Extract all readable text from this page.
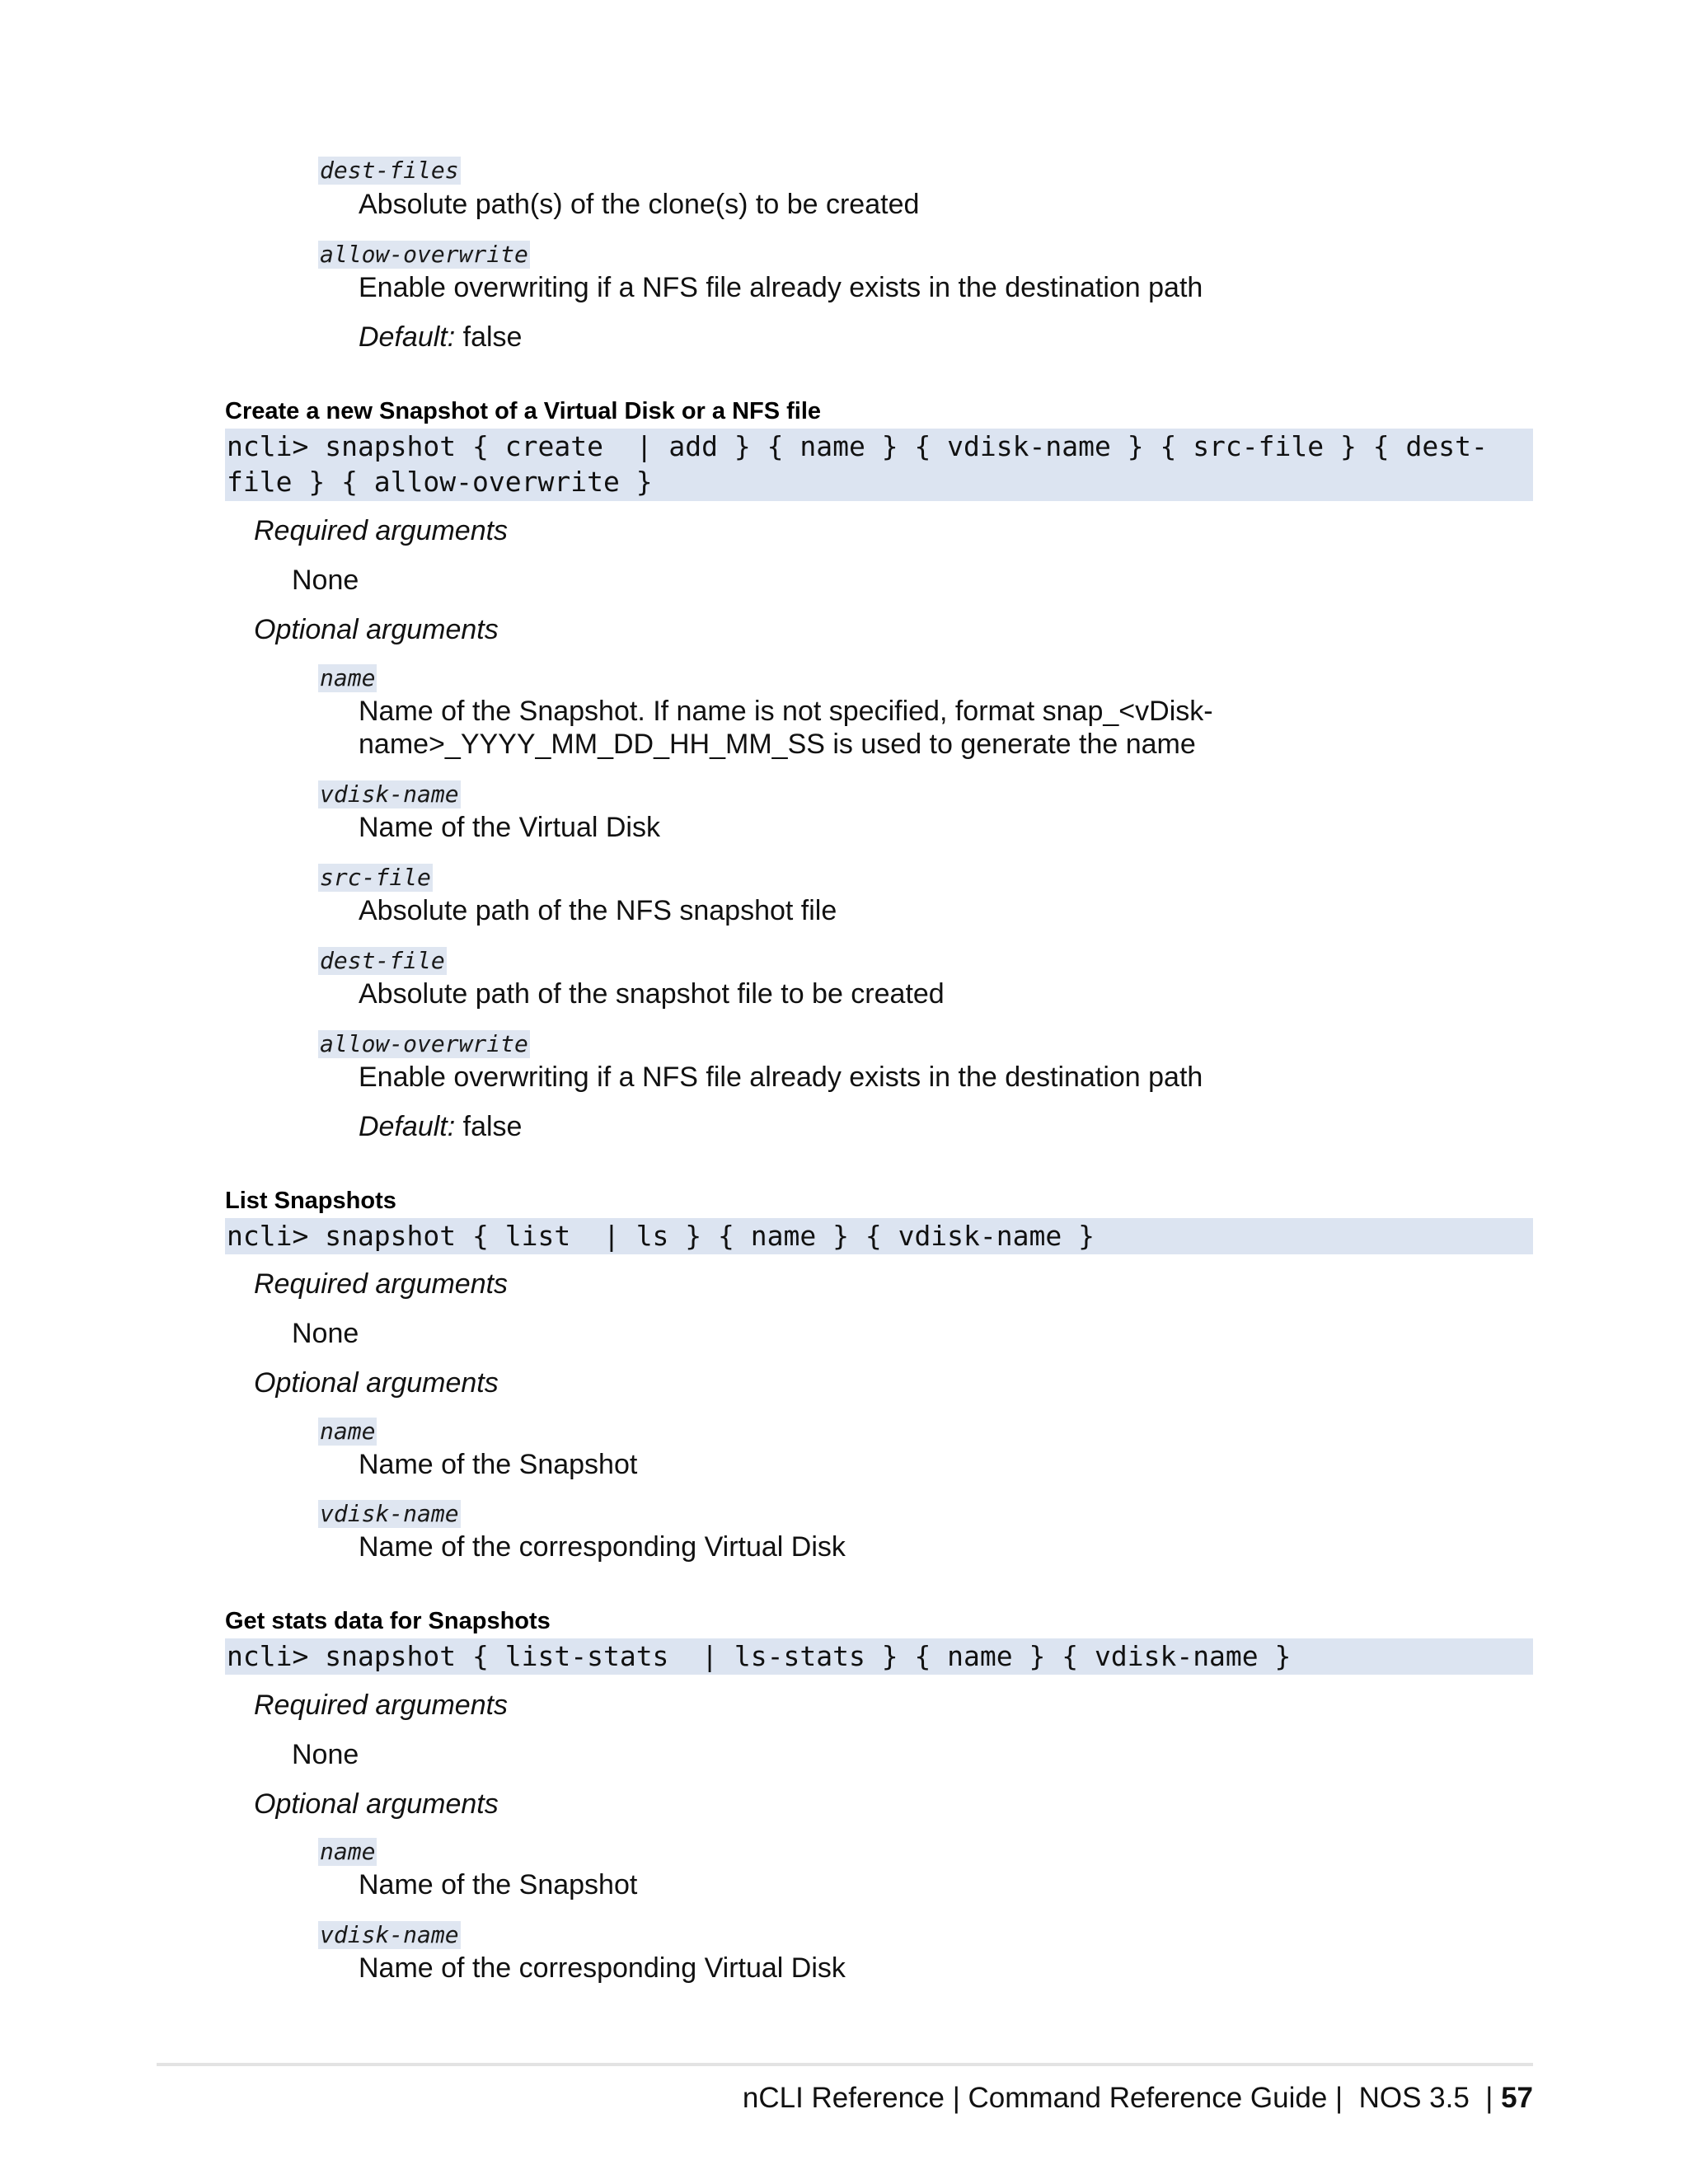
dest-files
Absolute path(s) of the clone(s) to be created
allow-overwrite
Enable overwriting if a NFS file already exists in the destination path
Default: false
Create a new Snapshot of a Virtual Disk or a NFS file
ncli> snapshot { create  | add } { name } { vdisk-name } { src-file } { dest-file } { allow-overwrite }
Required arguments
None
Optional arguments
name
Name of the Snapshot. If name is not specified, format snap_<vDisk-name>_YYYY_MM_DD_HH_MM_SS is used to generate the name
vdisk-name
Name of the Virtual Disk
src-file
Absolute path of the NFS snapshot file
dest-file
Absolute path of the snapshot file to be created
allow-overwrite
Enable overwriting if a NFS file already exists in the destination path
Default: false
List Snapshots
ncli> snapshot { list  | ls } { name } { vdisk-name }
Required arguments
None
Optional arguments
name
Name of the Snapshot
vdisk-name
Name of the corresponding Virtual Disk
Get stats data for Snapshots
ncli> snapshot { list-stats  | ls-stats } { name } { vdisk-name }
Required arguments
None
Optional arguments
name
Name of the Snapshot
vdisk-name
Name of the corresponding Virtual Disk
nCLI Reference | Command Reference Guide |  NOS 3.5  | 57
